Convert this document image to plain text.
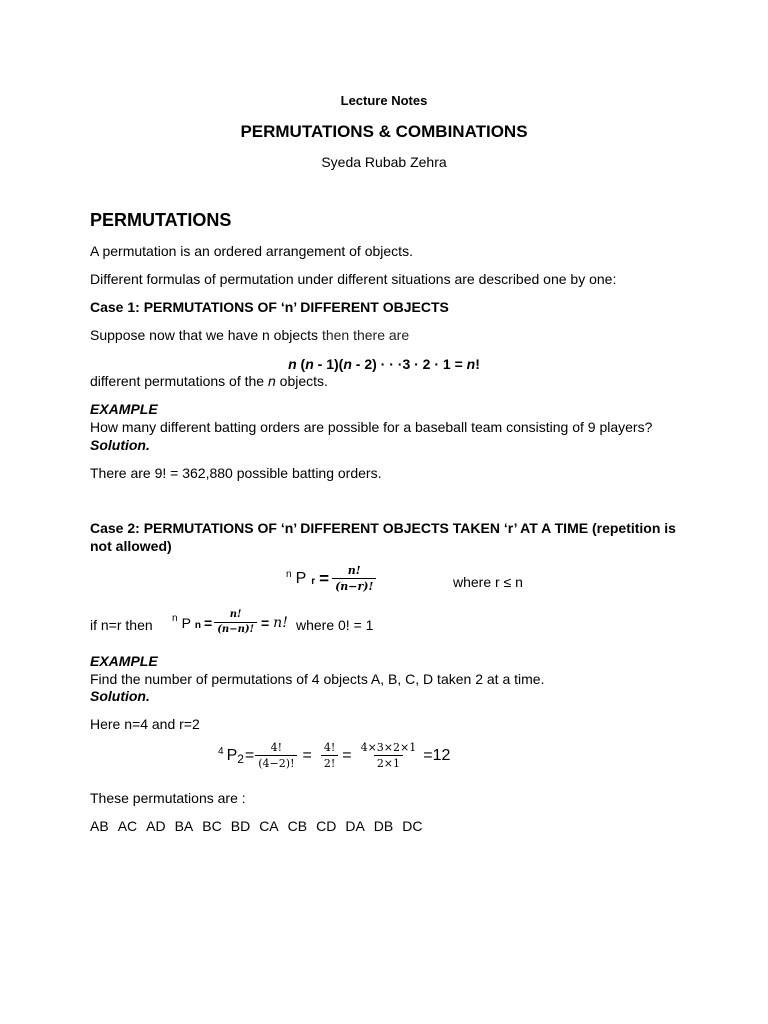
Lecture Notes
PERMUTATIONS & COMBINATIONS
Syeda Rubab Zehra
PERMUTATIONS
A permutation is an ordered arrangement of objects.
Different formulas of permutation under different situations are described one by one:
Case 1: PERMUTATIONS OF ‘n’ DIFFERENT OBJECTS
Suppose now that we have n objects then there are
n (n - 1)(n - 2) · · ·3 · 2 · 1 = n!
different permutations of the n objects.
EXAMPLE
How many different batting orders are possible for a baseball team consisting of 9 players?
Solution.
There are 9! = 362,880 possible batting orders.
Case 2: PERMUTATIONS OF ‘n’ DIFFERENT OBJECTS TAKEN ‘r’ AT A TIME (repetition is
not allowed)
$^n$ P $_r = \frac{n!}{(n-r)!}$	where r ≤ n
if n=r then $^n$ P $_n = \frac{n!}{(n-n)!} = n$! where 0! = 1
EXAMPLE
Find the number of permutations of 4 objects A, B, C, D taken 2 at a time.
Solution.
Here n=4 and r=2
$^4$ $P_2 = \frac{4!}{(4-2)!} = \frac{4!}{2!} = \frac{4\times 3\times 2\times 1}{2\times 1} =12$
These permutations are :
AB AC AD BA BC BD CA CB CD DA DB DC
